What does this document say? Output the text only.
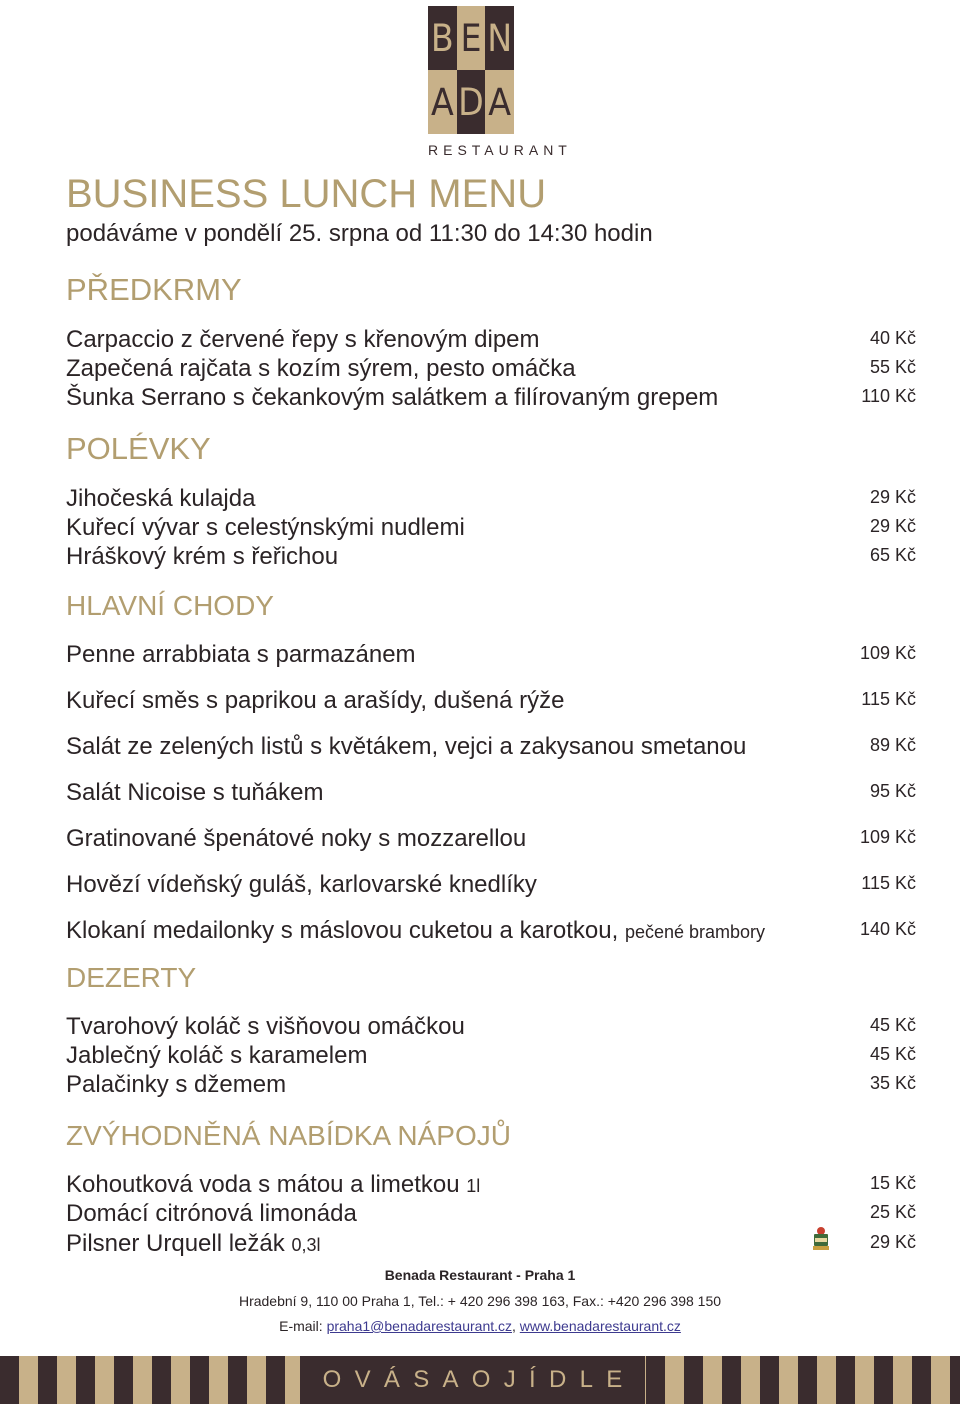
B E N
A D A
RESTAURANT
BUSINESS LUNCH MENU
podáváme v pondělí 25. srpna od 11:30 do 14:30 hodin
PŘEDKRMY
Carpaccio z červené řepy s křenovým dipem	40 Kč
Zapečená rajčata s kozím sýrem, pesto omáčka	55 Kč
Šunka Serrano s čekankovým salátkem a filírovaným grepem	110 Kč
POLÉVKY
Jihočeská kulajda	29 Kč
Kuřecí vývar s celestýnskými nudlemi	29 Kč
Hráškový krém s řeřichou	65 Kč
HLAVNÍ CHODY
Penne arrabbiata s parmazánem	109 Kč
Kuřecí směs s paprikou a arašídy, dušená rýže	115 Kč
Salát ze zelených listů s květákem, vejci a zakysanou smetanou	89 Kč
Salát Nicoise s tuňákem	95 Kč
Gratinované špenátové noky s mozzarellou	109 Kč
Hovězí vídeňský guláš, karlovarské knedlíky	115 Kč
Klokaní medailonky s máslovou cuketou a karotkou, pečené brambory	140 Kč
DEZERTY
Tvarohový koláč s višňovou omáčkou	45 Kč
Jablečný koláč s karamelem	45 Kč
Palačinky s džemem	35 Kč
ZVÝHODNĚNÁ NABÍDKA NÁPOJŮ
Kohoutková voda s mátou a limetkou 1l	15 Kč
Domácí citrónová limonáda	25 Kč
Pilsner Urquell ležák 0,3l	29 Kč
Benada Restaurant - Praha 1
Hradební 9, 110 00 Praha 1, Tel.: + 420 296 398 163, Fax.: +420 296 398 150
E-mail: praha1@benadarestaurant.cz, www.benadarestaurant.cz
O V Á S A O J Í D L E
